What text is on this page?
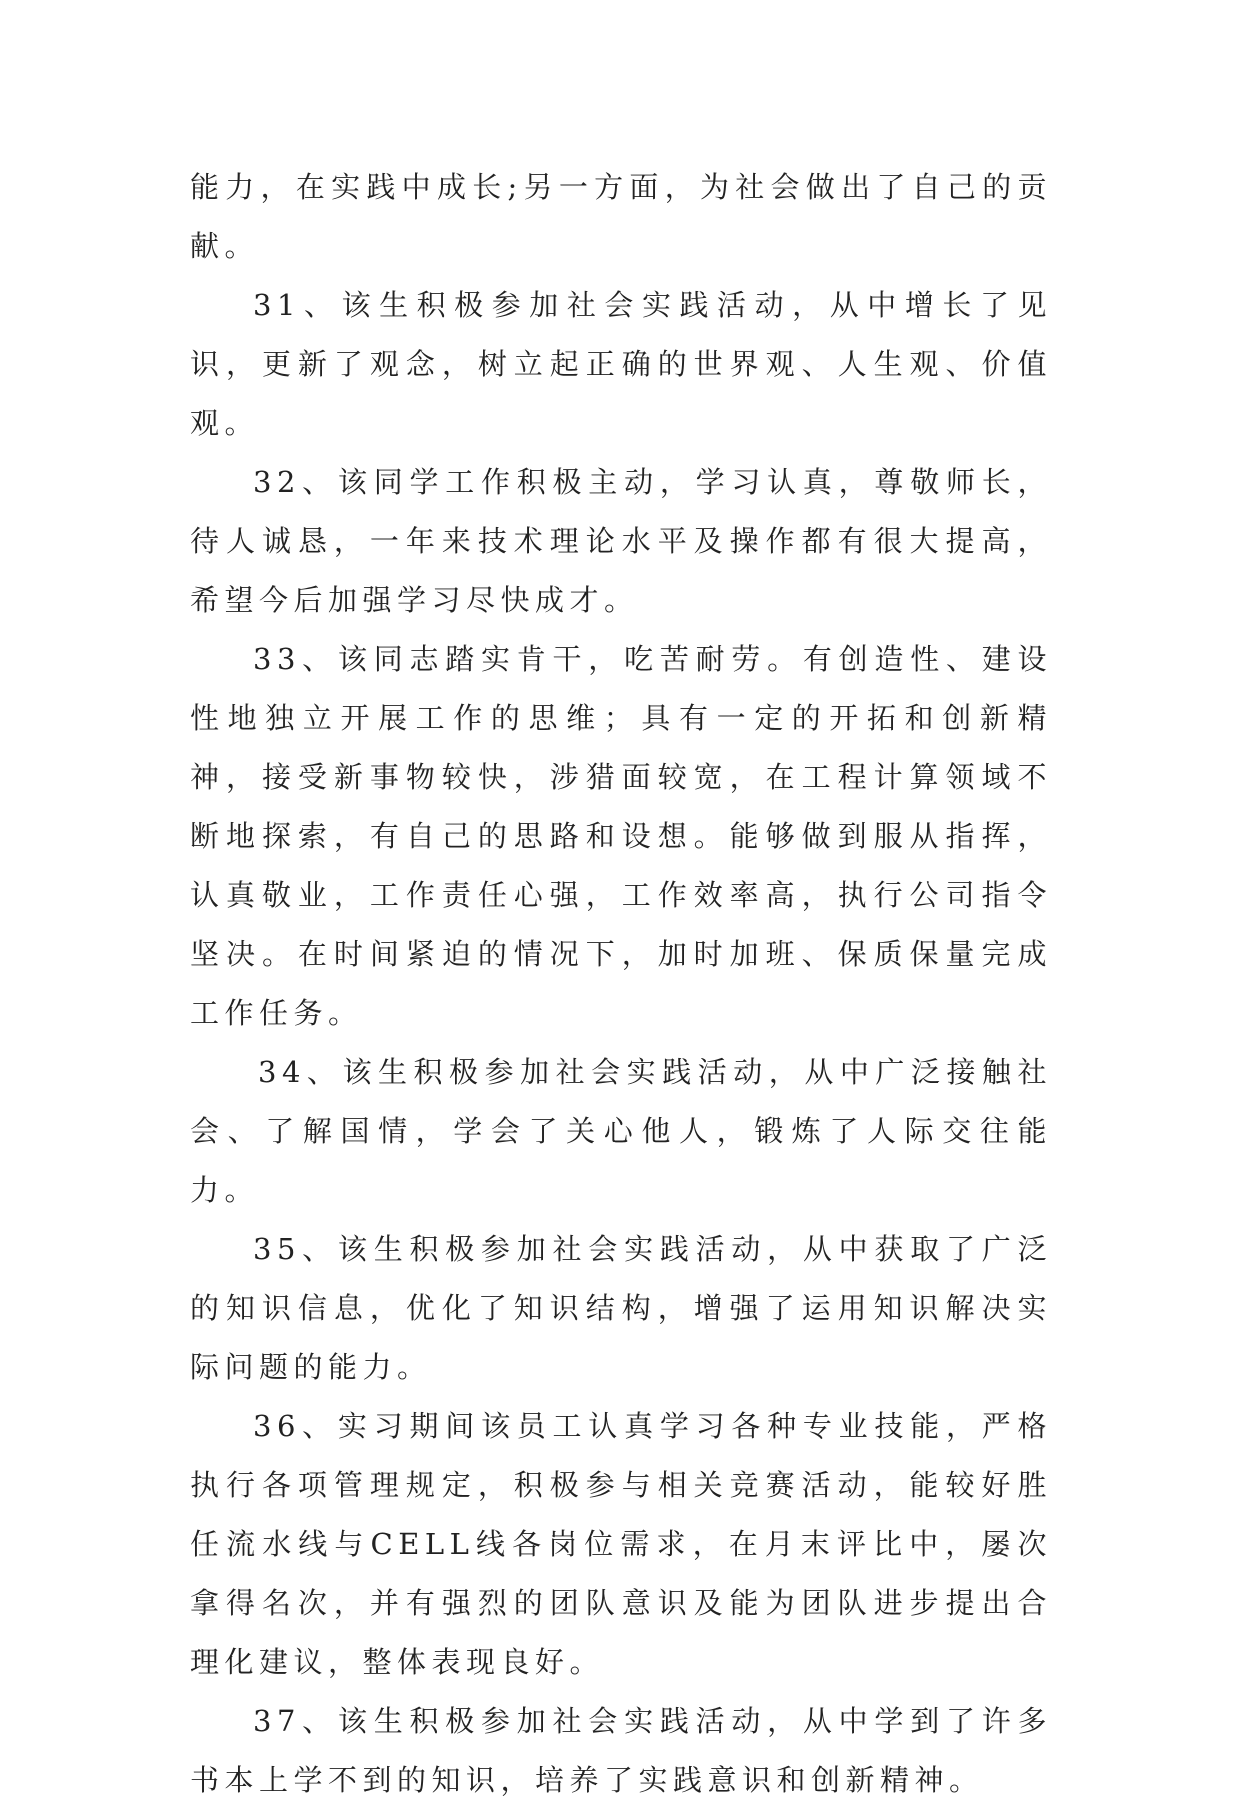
能力，在实践中成长;另一方面，为社会做出了自己的贡献。

31、该生积极参加社会实践活动，从中增长了见识，更新了观念，树立起正确的世界观、人生观、价值观。

32、该同学工作积极主动，学习认真，尊敬师长，待人诚恳，一年来技术理论水平及操作都有很大提高，希望今后加强学习尽快成才。

33、该同志踏实肯干，吃苦耐劳。有创造性、建设性地独立开展工作的思维；具有一定的开拓和创新精神，接受新事物较快，涉猎面较宽，在工程计算领域不断地探索，有自己的思路和设想。能够做到服从指挥，认真敬业，工作责任心强，工作效率高，执行公司指令坚决。在时间紧迫的情况下，加时加班、保质保量完成工作任务。

34、该生积极参加社会实践活动，从中广泛接触社会、了解国情，学会了关心他人，锻炼了人际交往能力。

35、该生积极参加社会实践活动，从中获取了广泛的知识信息，优化了知识结构，增强了运用知识解决实际问题的能力。

36、实习期间该员工认真学习各种专业技能，严格执行各项管理规定，积极参与相关竞赛活动，能较好胜任流水线与CELL线各岗位需求，在月末评比中，屡次拿得名次，并有强烈的团队意识及能为团队进步提出合理化建议，整体表现良好。

37、该生积极参加社会实践活动，从中学到了许多书本上学不到的知识，培养了实践意识和创新精神。
